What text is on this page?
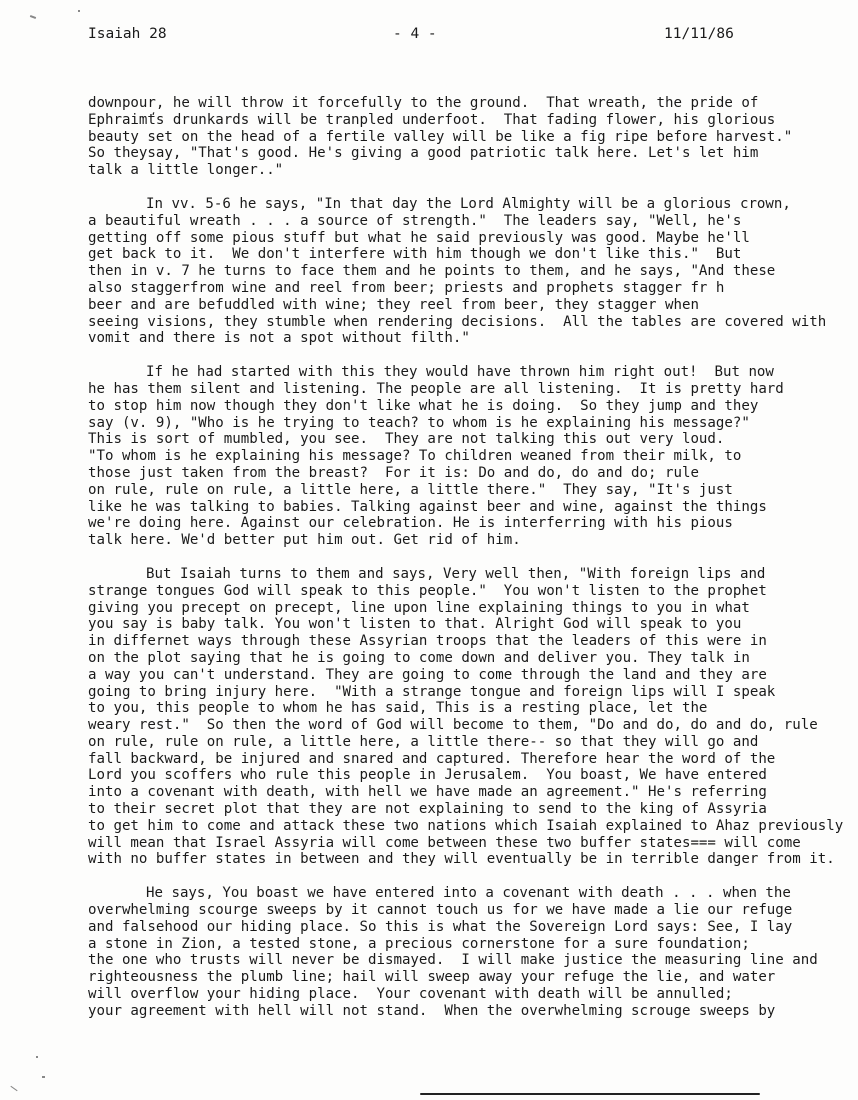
Isaiah 28	- 4 -	11/11/86
downpour, he will throw it forcefully to the ground.  That wreath, the pride of
Ephraimťs drunkards will be tranpled underfoot.  That fading flower, his glorious
beauty set on the head of a fertile valley will be like a fig ripe before harvest."
So theysay, "That's good. He's giving a good patriotic talk here. Let's let him
talk a little longer.."
In vv. 5-6 he says, "In that day the Lord Almighty will be a glorious crown,
a beautiful wreath . . . a source of strength."  The leaders say, "Well, he's
getting off some pious stuff but what he said previously was good. Maybe he'll
get back to it.  We don't interfere with him though we don't like this."  But
then in v. 7 he turns to face them and he points to them, and he says, "And these
also staggerfrom wine and reel from beer; priests and prophets stagger fr h
beer and are befuddled with wine; they reel from beer, they stagger when
seeing visions, they stumble when rendering decisions.  All the tables are covered with
vomit and there is not a spot without filth."
If he had started with this they would have thrown him right out!  But now
he has them silent and listening. The people are all listening.  It is pretty hard
to stop him now though they don't like what he is doing.  So they jump and they
say (v. 9), "Who is he trying to teach? to whom is he explaining his message?"
This is sort of mumbled, you see.  They are not talking this out very loud.
"To whom is he explaining his message? To children weaned from their milk, to
those just taken from the breast?  For it is: Do and do, do and do; rule
on rule, rule on rule, a little here, a little there."  They say, "It's just
like he was talking to babies. Talking against beer and wine, against the things
we're doing here. Against our celebration. He is interferring with his pious
talk here. We'd better put him out. Get rid of him.
But Isaiah turns to them and says, Very well then, "With foreign lips and
strange tongues God will speak to this people."  You won't listen to the prophet
giving you precept on precept, line upon line explaining things to you in what
you say is baby talk. You won't listen to that. Alright God will speak to you
in differnet ways through these Assyrian troops that the leaders of this were in
on the plot saying that he is going to come down and deliver you. They talk in
a way you can't understand. They are going to come through the land and they are
going to bring injury here.  "With a strange tongue and foreign lips will I speak
to you, this people to whom he has said, This is a resting place, let the
weary rest."  So then the word of God will become to them, "Do and do, do and do, rule
on rule, rule on rule, a little here, a little there-- so that they will go and
fall backward, be injured and snared and captured. Therefore hear the word of the
Lord you scoffers who rule this people in Jerusalem.  You boast, We have entered
into a covenant with death, with hell we have made an agreement." He's referring
to their secret plot that they are not explaining to send to the king of Assyria
to get him to come and attack these two nations which Isaiah explained to Ahaz previously
will mean that Israel Assyria will come between these two buffer states=== will come
with no buffer states in between and they will eventually be in terrible danger from it.
He says, You boast we have entered into a covenant with death . . . when the
overwhelming scourge sweeps by it cannot touch us for we have made a lie our refuge
and falsehood our hiding place. So this is what the Sovereign Lord says: See, I lay
a stone in Zion, a tested stone, a precious cornerstone for a sure foundation;
the one who trusts will never be dismayed.  I will make justice the measuring line and
righteousness the plumb line; hail will sweep away your refuge the lie, and water
will overflow your hiding place.  Your covenant with death will be annulled;
your agreement with hell will not stand.  When the overwhelming scrouge sweeps by
